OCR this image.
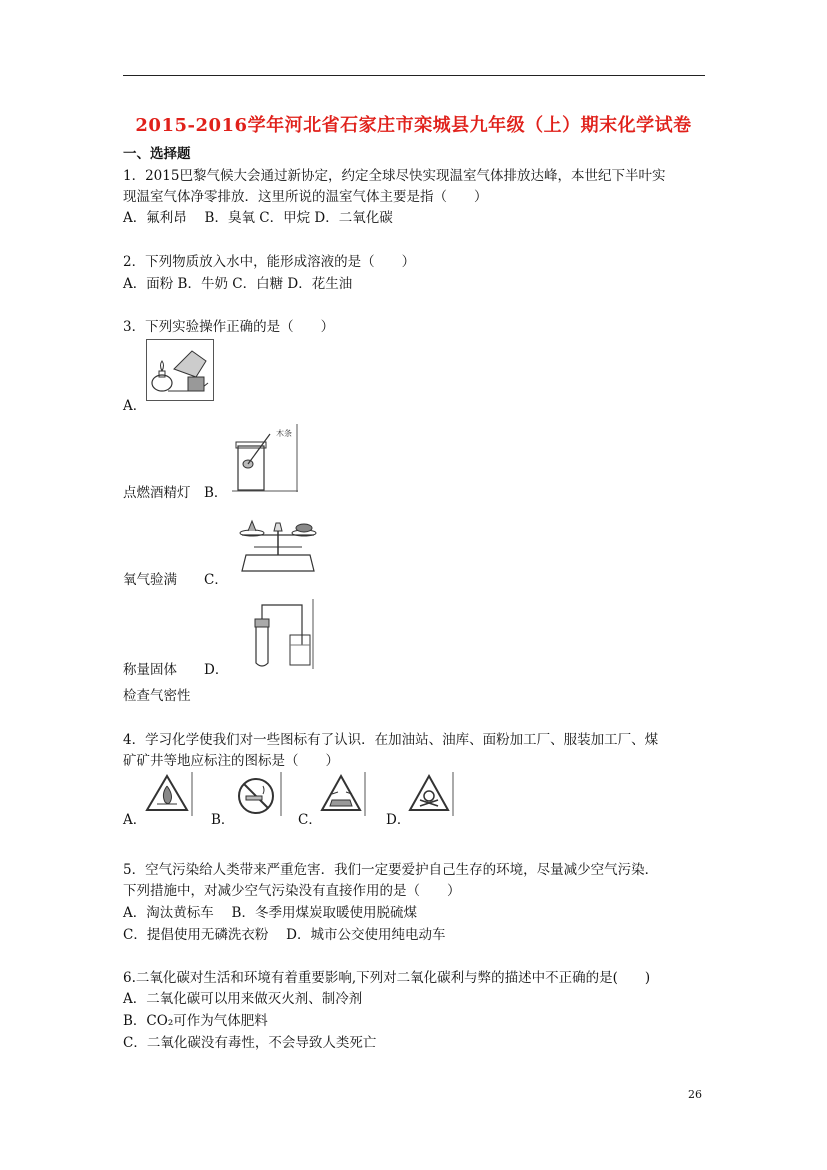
2015-2016学年河北省石家庄市栾城县九年级（上）期末化学试卷
一、选择题
1．2015巴黎气候大会通过新协定，约定全球尽快实现温室气体排放达峰，本世纪下半叶实
现温室气体净零排放．这里所说的温室气体主要是指（　　）
A．氟利昂　 B．臭氧 C．甲烷 D．二氧化碳
2．下列物质放入水中，能形成溶液的是（　　）
A．面粉 B．牛奶 C．白糖 D．花生油
3．下列实验操作正确的是（　　）
A．
木条
点燃酒精灯　B．
氧气验满　　C．
称量固体　　D．
检查气密性
4．学习化学使我们对一些图标有了认识．在加油站、油库、面粉加工厂、服装加工厂、煤
矿矿井等地应标注的图标是（　　）
A．	B．	C．	D．
5．空气污染给人类带来严重危害．我们一定要爱护自己生存的环境，尽量减少空气污染．
下列措施中，对减少空气污染没有直接作用的是（　　）
A．淘汰黄标车　 B．冬季用煤炭取暖使用脱硫煤
C．提倡使用无磷洗衣粉　 D．城市公交使用纯电动车
6.二氧化碳对生活和环境有着重要影响,下列对二氧化碳利与弊的描述中不正确的是(　　)
A．二氧化碳可以用来做灭火剂、制冷剂
B．CO₂可作为气体肥料
C．二氧化碳没有毒性，不会导致人类死亡
26
